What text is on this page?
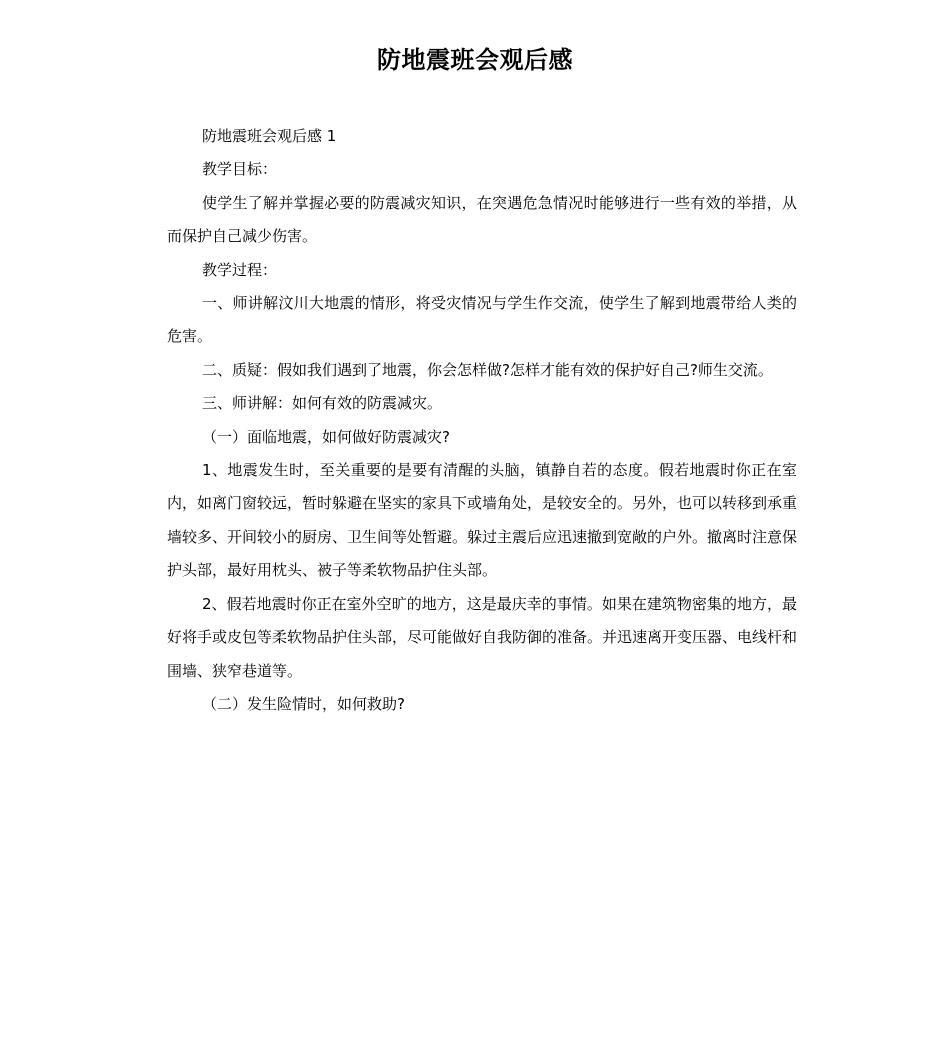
防地震班会观后感

防地震班会观后感 1

教学目标：

使学生了解并掌握必要的防震减灾知识，在突遇危急情况时能够进行一些有效的举措，从而保护自己减少伤害。

教学过程：

一、师讲解汶川大地震的情形，将受灾情况与学生作交流，使学生了解到地震带给人类的危害。

二、质疑：假如我们遇到了地震，你会怎样做?怎样才能有效的保护好自己?师生交流。

三、师讲解：如何有效的防震减灾。

（一）面临地震，如何做好防震减灾?

1、地震发生时，至关重要的是要有清醒的头脑，镇静自若的态度。假若地震时你正在室内，如离门窗较远，暂时躲避在坚实的家具下或墙角处，是较安全的。另外，也可以转移到承重墙较多、开间较小的厨房、卫生间等处暂避。躲过主震后应迅速撤到宽敞的户外。撤离时注意保护头部，最好用枕头、被子等柔软物品护住头部。

2、假若地震时你正在室外空旷的地方，这是最庆幸的事情。如果在建筑物密集的地方，最好将手或皮包等柔软物品护住头部，尽可能做好自我防御的准备。并迅速离开变压器、电线杆和围墙、狭窄巷道等。

（二）发生险情时，如何救助?
